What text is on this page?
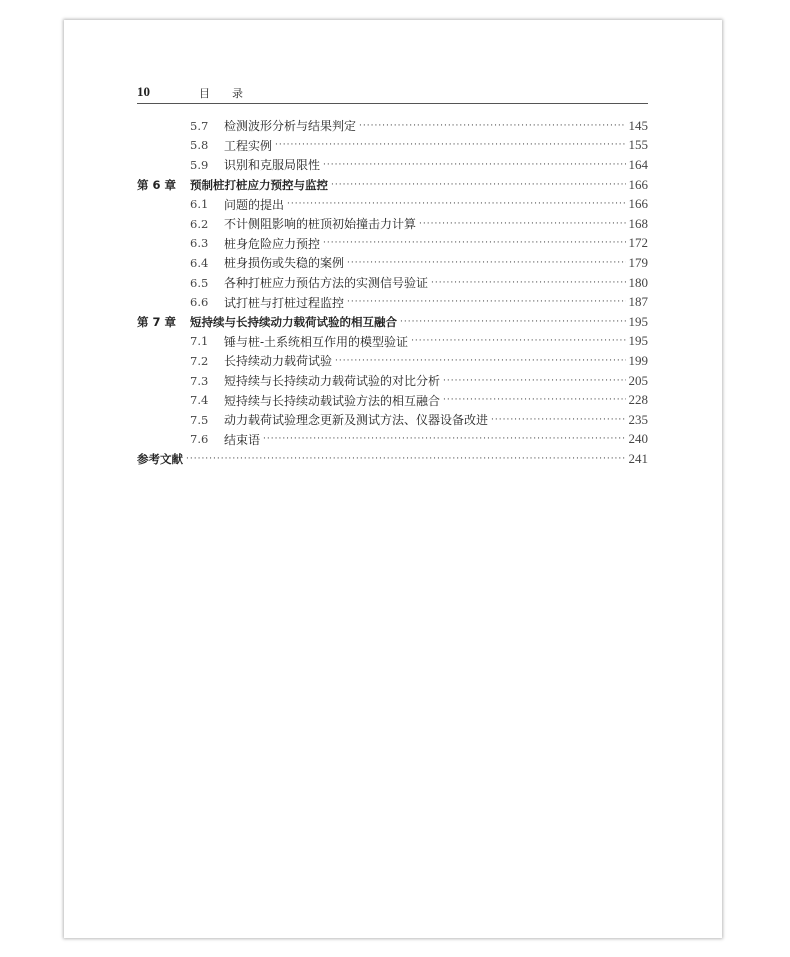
10	目录
5.7	检测波形分析与结果判定 ·····	145
5.8	工程实例 ·····	155
5.9	识别和克服局限性 ·····	164
第 6 章	预制桩打桩应力预控与监控 ·····	166
6.1	问题的提出 ·····	166
6.2	不计侧阻影响的桩顶初始撞击力计算 ·····	168
6.3	桩身危险应力预控 ·····	172
6.4	桩身损伤或失稳的案例 ·····	179
6.5	各种打桩应力预估方法的实测信号验证 ·····	180
6.6	试打桩与打桩过程监控 ·····	187
第 7 章	短持续与长持续动力载荷试验的相互融合 ·····	195
7.1	锤与桩-土系统相互作用的模型验证 ·····	195
7.2	长持续动力载荷试验 ·····	199
7.3	短持续与长持续动力载荷试验的对比分析 ·····	205
7.4	短持续与长持续动载试验方法的相互融合 ·····	228
7.5	动力载荷试验理念更新及测试方法、仪器设备改进 ·····	235
7.6	结束语 ·····	240
参考文献 ·····	241
